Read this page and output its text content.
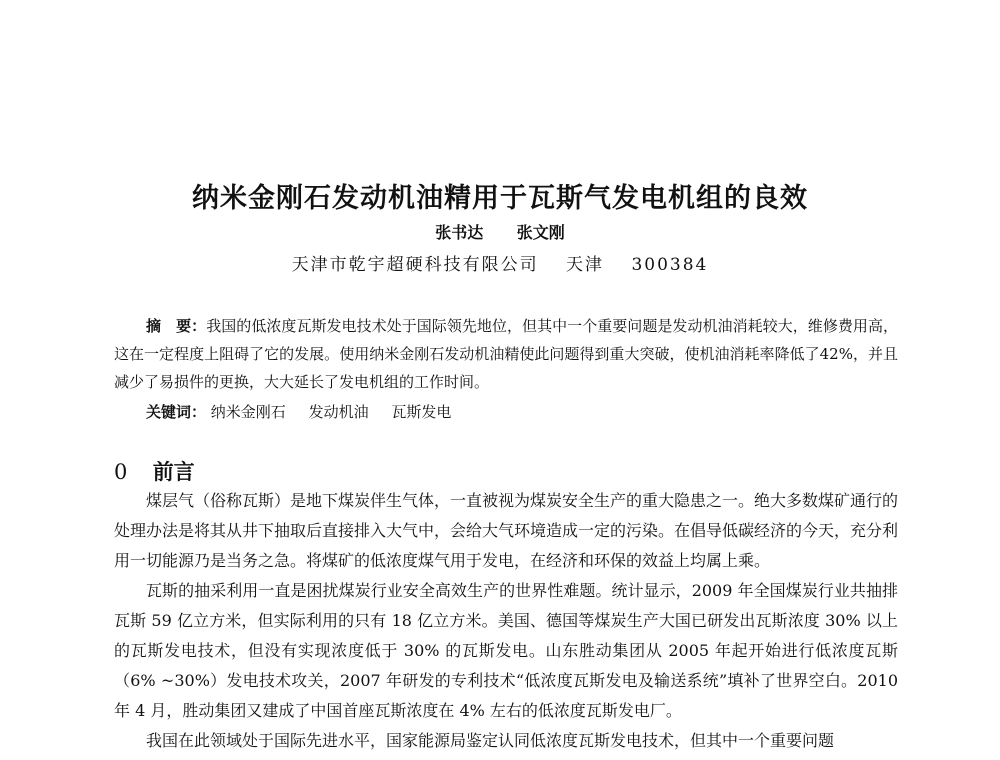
纳米金刚石发动机油精用于瓦斯气发电机组的良效
张书达 张文刚
天津市乾宇超硬科技有限公司 天津 300384

摘　要：我国的低浓度瓦斯发电技术处于国际领先地位，但其中一个重要问题是发动机油消耗较大，维修费用高，这在一定程度上阻碍了它的发展。使用纳米金刚石发动机油精使此问题得到重大突破，使机油消耗率降低了42%，并且减少了易损件的更换，大大延长了发电机组的工作时间。

关键词： 纳米金刚石 发动机油 瓦斯发电
0 前言

煤层气（俗称瓦斯）是地下煤炭伴生气体，一直被视为煤炭安全生产的重大隐患之一。绝大多数煤矿通行的处理办法是将其从井下抽取后直接排入大气中，会给大气环境造成一定的污染。在倡导低碳经济的今天，充分利用一切能源乃是当务之急。将煤矿的低浓度煤气用于发电，在经济和环保的效益上均属上乘。

瓦斯的抽采利用一直是困扰煤炭行业安全高效生产的世界性难题。统计显示，2009 年全国煤炭行业共抽排瓦斯 59 亿立方米，但实际利用的只有 18 亿立方米。美国、德国等煤炭生产大国已研发出瓦斯浓度 30% 以上的瓦斯发电技术，但没有实现浓度低于 30% 的瓦斯发电。山东胜动集团从 2005 年起开始进行低浓度瓦斯（6% ~30%）发电技术攻关，2007 年研发的专利技术“低浓度瓦斯发电及输送系统”填补了世界空白。2010 年 4 月，胜动集团又建成了中国首座瓦斯浓度在 4% 左右的低浓度瓦斯发电厂。

我国在此领域处于国际先进水平，国家能源局鉴定认同低浓度瓦斯发电技术，但其中一个重要问题
